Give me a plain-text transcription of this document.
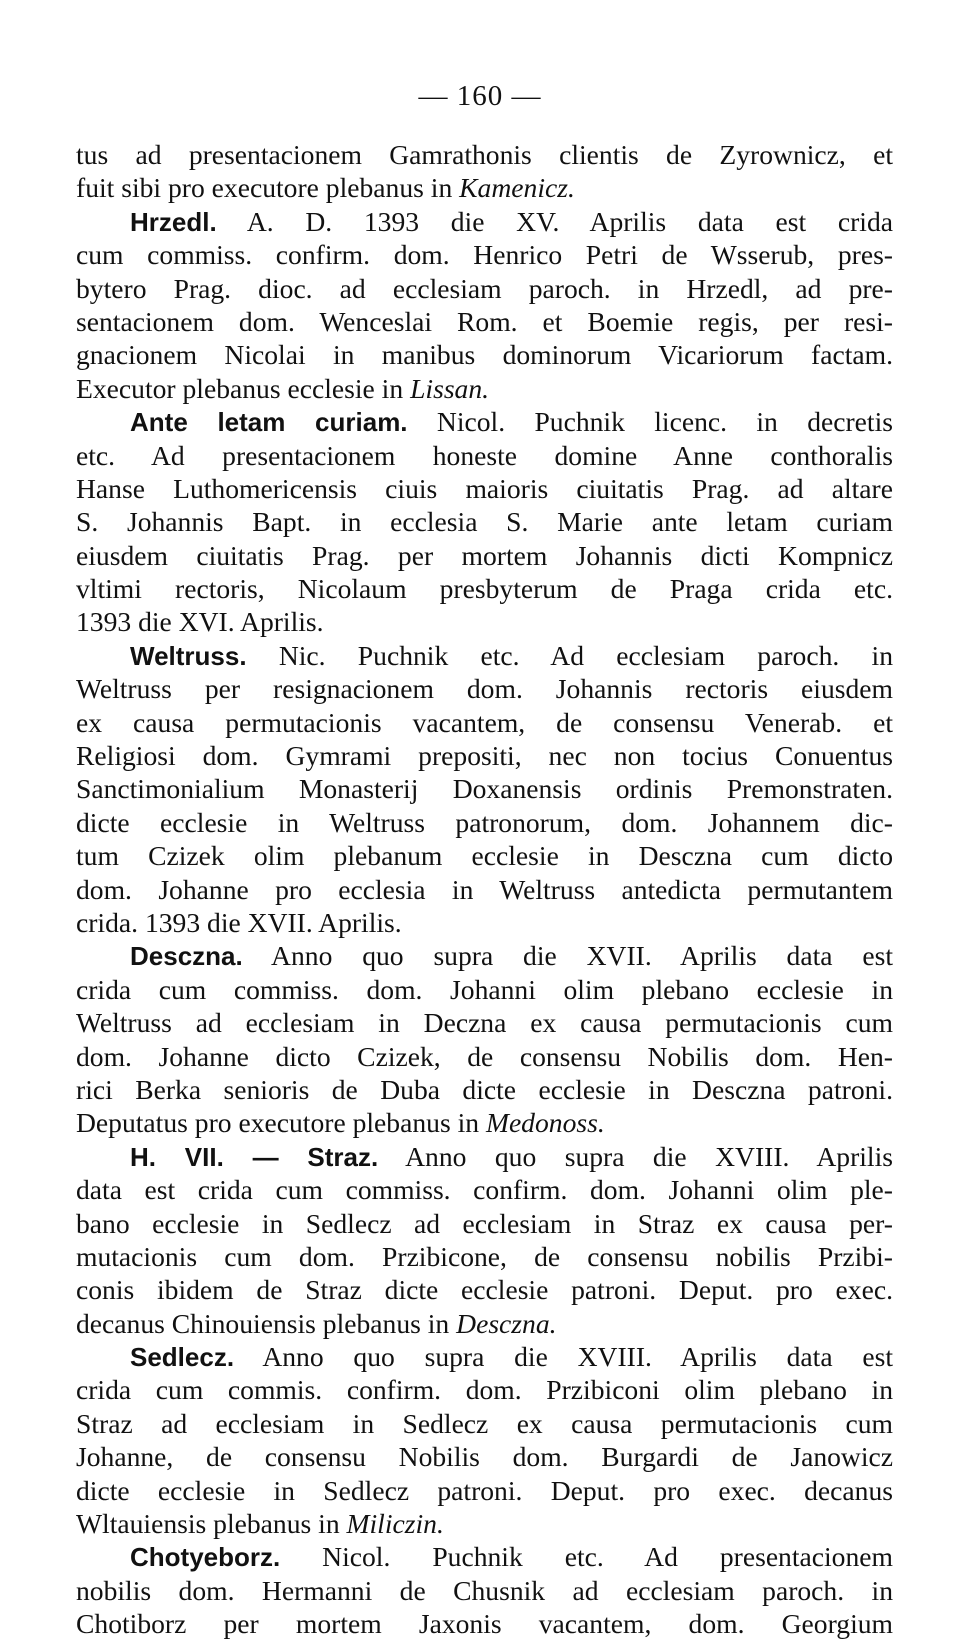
— 160 —
tus ad presentacionem Gamrathonis clientis de Zyrownicz, et
fuit sibi pro executore plebanus in Kamenicz.
Hrzedl. A. D. 1393 die XV. Aprilis data est crida
cum commiss. confirm. dom. Henrico Petri de Wsserub, pres-
bytero Prag. dioc. ad ecclesiam paroch. in Hrzedl, ad pre-
sentacionem dom. Wenceslai Rom. et Boemie regis, per resi-
gnacionem Nicolai in manibus dominorum Vicariorum factam.
Executor plebanus ecclesie in Lissan.
Ante letam curiam. Nicol. Puchnik licenc. in decretis
etc. Ad presentacionem honeste domine Anne conthoralis
Hanse Luthomericensis ciuis maioris ciuitatis Prag. ad altare
S. Johannis Bapt. in ecclesia S. Marie ante letam curiam
eiusdem ciuitatis Prag. per mortem Johannis dicti Kompnicz
vltimi rectoris, Nicolaum presbyterum de Praga crida etc.
1393 die XVI. Aprilis.
Weltruss. Nic. Puchnik etc. Ad ecclesiam paroch. in
Weltruss per resignacionem dom. Johannis rectoris eiusdem
ex causa permutacionis vacantem, de consensu Venerab. et
Religiosi dom. Gymrami prepositi, nec non tocius Conuentus
Sanctimonialium Monasterij Doxanensis ordinis Premonstraten.
dicte ecclesie in Weltruss patronorum, dom. Johannem dic-
tum Czizek olim plebanum ecclesie in Desczna cum dicto
dom. Johanne pro ecclesia in Weltruss antedicta permutantem
crida. 1393 die XVII. Aprilis.
Desczna. Anno quo supra die XVII. Aprilis data est
crida cum commiss. dom. Johanni olim plebano ecclesie in
Weltruss ad ecclesiam in Deczna ex causa permutacionis cum
dom. Johanne dicto Czizek, de consensu Nobilis dom. Hen-
rici Berka senioris de Duba dicte ecclesie in Desczna patroni.
Deputatus pro executore plebanus in Medonoss.
H. VII. — Straz. Anno quo supra die XVIII. Aprilis
data est crida cum commiss. confirm. dom. Johanni olim ple-
bano ecclesie in Sedlecz ad ecclesiam in Straz ex causa per-
mutacionis cum dom. Przibicone, de consensu nobilis Przibi-
conis ibidem de Straz dicte ecclesie patroni. Deput. pro exec.
decanus Chinouiensis plebanus in Desczna.
Sedlecz. Anno quo supra die XVIII. Aprilis data est
crida cum commis. confirm. dom. Przibiconi olim plebano in
Straz ad ecclesiam in Sedlecz ex causa permutacionis cum
Johanne, de consensu Nobilis dom. Burgardi de Janowicz
dicte ecclesie in Sedlecz patroni. Deput. pro exec. decanus
Wltauiensis plebanus in Miliczin.
Chotyeborz. Nicol. Puchnik etc. Ad presentacionem
nobilis dom. Hermanni de Chusnik ad ecclesiam paroch. in
Chotiborz per mortem Jaxonis vacantem, dom. Georgium
